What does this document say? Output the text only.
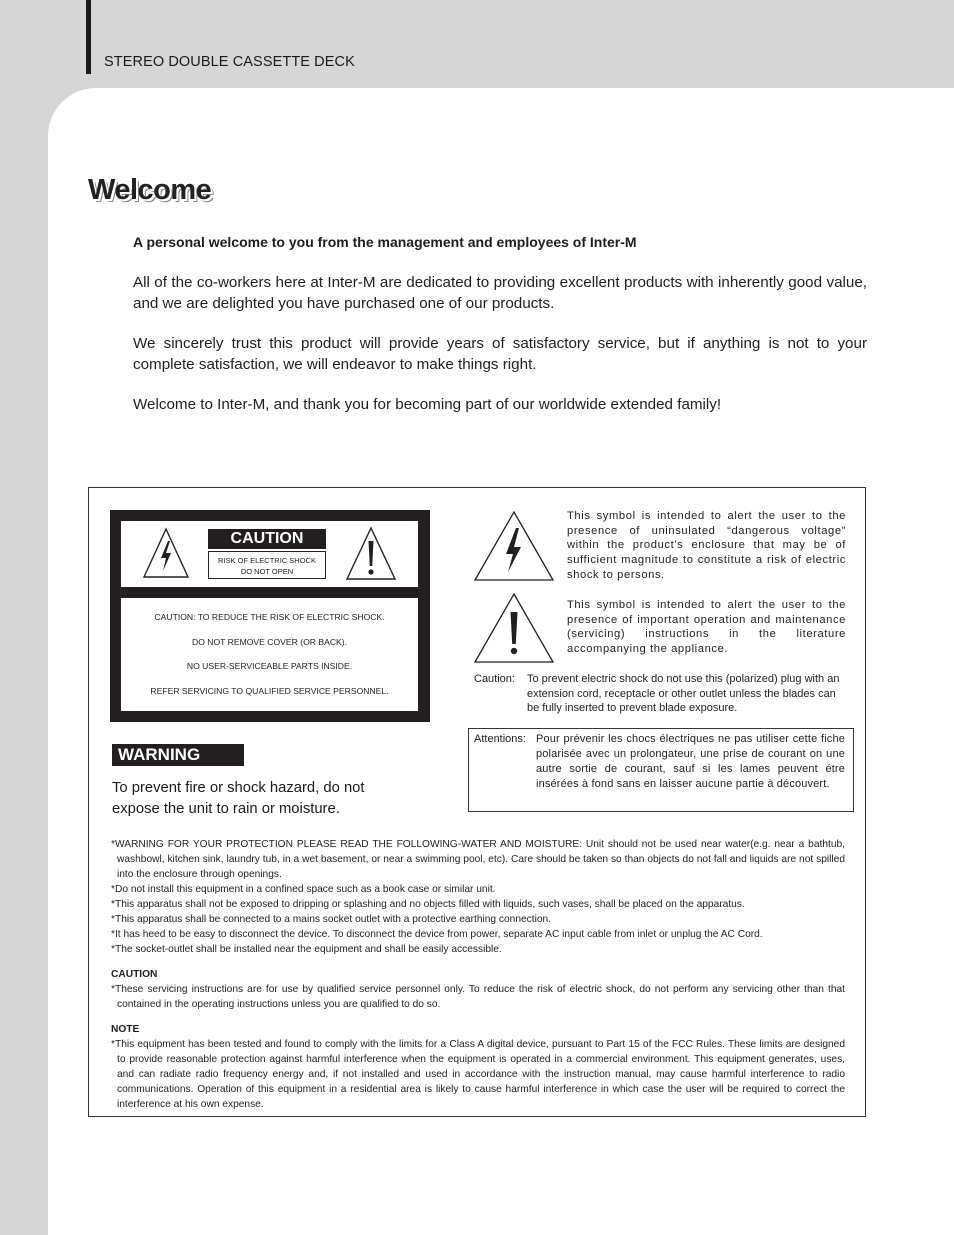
STEREO DOUBLE CASSETTE DECK
Welcome
A personal welcome to you from the management and employees of Inter-M

All of the co-workers here at Inter-M are dedicated to providing excellent products with inherently good value, and we are delighted you have purchased one of our products.

We sincerely trust this product will provide years of satisfactory service, but if anything is not to your complete satisfaction, we will endeavor to make things right.

Welcome to Inter-M, and thank you for becoming part of our worldwide extended family!

CAUTION
RISK OF ELECTRIC SHOCK
DO NOT OPEN
CAUTION: TO REDUCE THE RISK OF ELECTRIC SHOCK.
DO NOT REMOVE COVER (OR BACK).
NO USER-SERVICEABLE PARTS INSIDE.
REFER SERVICING TO QUALIFIED SERVICE PERSONNEL.
WARNING
To prevent fire or shock hazard, do not expose the unit to rain or moisture.
This symbol is intended to alert the user to the presence of uninsulated “dangerous voltage” within the product’s enclosure that may be of sufficient magnitude to constitute a risk of electric shock to persons.
This symbol is intended to alert the user to the presence of important operation and maintenance (servicing) instructions in the literature accompanying the appliance.
Caution: To prevent electric shock do not use this (polarized) plug with an extension cord, receptacle or other outlet unless the blades can be fully inserted to prevent blade exposure.
Attentions: Pour prévenir les chocs électriques ne pas utiliser cette fiche polarisée avec un prolongateur, une prise de courant on une autre sortie de courant, sauf si les lames peuvent étre insérées à fond sans en laisser aucune partie à découvert.
*WARNING FOR YOUR PROTECTION PLEASE READ THE FOLLOWING-WATER AND MOISTURE: Unit should not be used near water(e.g. near a bathtub, washbowl, kitchen sink, laundry tub, in a wet basement, or near a swimming pool, etc). Care should be taken so than objects do not fall and liquids are not spilled into the enclosure through openings.
*Do not install this equipment in a confined space such as a book case or similar unit.
*This apparatus shall not be exposed to dripping or splashing and no objects filled with liquids, such vases, shall be placed on the apparatus.
*This apparatus shall be connected to a mains socket outlet with a protective earthing connection.
*It has heed to be easy to disconnect the device. To disconnect the device from power, separate AC input cable from inlet or unplug the AC Cord.
*The socket-outlet shall be installed near the equipment and shall be easily accessible.
CAUTION
*These servicing instructions are for use by qualified service personnel only. To reduce the risk of electric shock, do not perform any servicing other than that contained in the operating instructions unless you are qualified to do so.
NOTE
*This equipment has been tested and found to comply with the limits for a Class A digital device, pursuant to Part 15 of the FCC Rules. These limits are designed to provide reasonable protection against harmful interference when the equipment is operated in a commercial environment. This equipment generates, uses, and can radiate radio frequency energy and, if not installed and used in accordance with the instruction manual, may cause harmful interference to radio communications. Operation of this equipment in a residential area is likely to cause harmful interference in which case the user will be required to correct the interference at his own expense.
